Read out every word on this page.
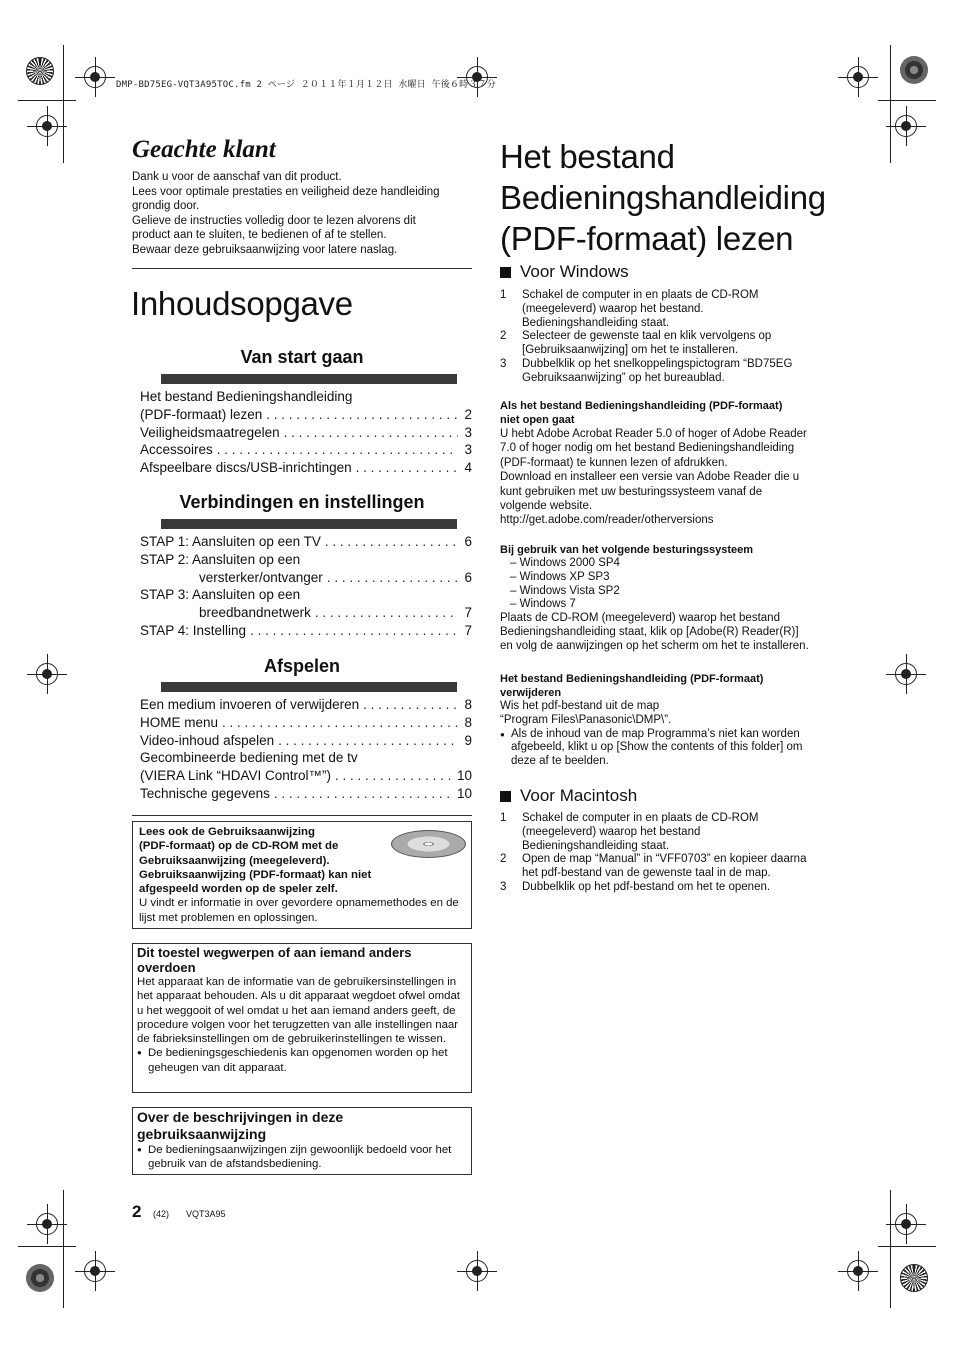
DMP-BD75EG-VQT3A95TOC.fm 2 ページ ２０１１年１月１２日 水曜日 午後６時３７分
Geachte klant
Dank u voor de aanschaf van dit product.
Lees voor optimale prestaties en veiligheid deze handleiding
grondig door.
Gelieve de instructies volledig door te lezen alvorens dit
product aan te sluiten, te bedienen of af te stellen.
Bewaar deze gebruiksaanwijzing voor latere naslag.
Inhoudsopgave
Van start gaan
Het bestand Bedieningshandleiding
(PDF-formaat) lezen . . .	2
Veiligheidsmaatregelen . . .	3
Accessoires . . .	3
Afspeelbare discs/USB-inrichtingen . . .	4
Verbindingen en instellingen
STAP 1: Aansluiten op een TV . . .	6
STAP 2: Aansluiten op een
versterker/ontvanger . . .	6
STAP 3: Aansluiten op een
breedbandnetwerk . . .	7
STAP 4: Instelling . . .	7
Afspelen
Een medium invoeren of verwijderen . . .	8
HOME menu . . .	8
Video-inhoud afspelen . . .	9
Gecombineerde bediening met de tv
(VIERA Link “HDAVI Control™”) . . .	10
Technische gegevens . . .	10
Lees ook de Gebruiksaanwijzing
(PDF-formaat) op de CD-ROM met de
Gebruiksaanwijzing (meegeleverd).
Gebruiksaanwijzing (PDF-formaat) kan niet
afgespeeld worden op de speler zelf.
U vindt er informatie in over gevordere opnamemethodes en de lijst met problemen en oplossingen.
Dit toestel wegwerpen of aan iemand anders overdoen
Het apparaat kan de informatie van de gebruikersinstellingen in het apparaat behouden. Als u dit apparaat wegdoet ofwel omdat u het weggooit of wel omdat u het aan iemand anders geeft, de procedure volgen voor het terugzetten van alle instellingen naar de fabrieksinstellingen om de gebruikerinstellingen te wissen.
● De bedieningsgeschiedenis kan opgenomen worden op het geheugen van dit apparaat.
Over de beschrijvingen in deze gebruiksaanwijzing
● De bedieningsaanwijzingen zijn gewoonlijk bedoeld voor het gebruik van de afstandsbediening.
2 (42) VQT3A95
Het bestand
Bedieningshandleiding
(PDF-formaat) lezen
Voor Windows
1	Schakel de computer in en plaats de CD-ROM
(meegeleverd) waarop het bestand.
Bedieningshandleiding staat.
2	Selecteer de gewenste taal en klik vervolgens op
[Gebruiksaanwijzing] om het te installeren.
3	Dubbelklik op het snelkoppelingspictogram “BD75EG
Gebruiksaanwijzing” op het bureaublad.
Als het bestand Bedieningshandleiding (PDF-formaat)
niet open gaat
U hebt Adobe Acrobat Reader 5.0 of hoger of Adobe Reader
7.0 of hoger nodig om het bestand Bedieningshandleiding
(PDF-formaat) te kunnen lezen of afdrukken.
Download en installeer een versie van Adobe Reader die u
kunt gebruiken met uw besturingssysteem vanaf de
volgende website.
http://get.adobe.com/reader/otherversions
Bij gebruik van het volgende besturingssysteem
– Windows 2000 SP4
– Windows XP SP3
– Windows Vista SP2
– Windows 7
Plaats de CD-ROM (meegeleverd) waarop het bestand
Bedieningshandleiding staat, klik op [Adobe(R) Reader(R)]
en volg de aanwijzingen op het scherm om het te installeren.
Het bestand Bedieningshandleiding (PDF-formaat)
verwijderen
Wis het pdf-bestand uit de map
“Program Files\Panasonic\DMP\”.
● Als de inhoud van de map Programma’s niet kan worden
afgebeeld, klikt u op [Show the contents of this folder] om
deze af te beelden.
Voor Macintosh
1	Schakel de computer in en plaats de CD-ROM
(meegeleverd) waarop het bestand
Bedieningshandleiding staat.
2	Open de map “Manual” in “VFF0703” en kopieer daarna
het pdf-bestand van de gewenste taal in de map.
3	Dubbelklik op het pdf-bestand om het te openen.
